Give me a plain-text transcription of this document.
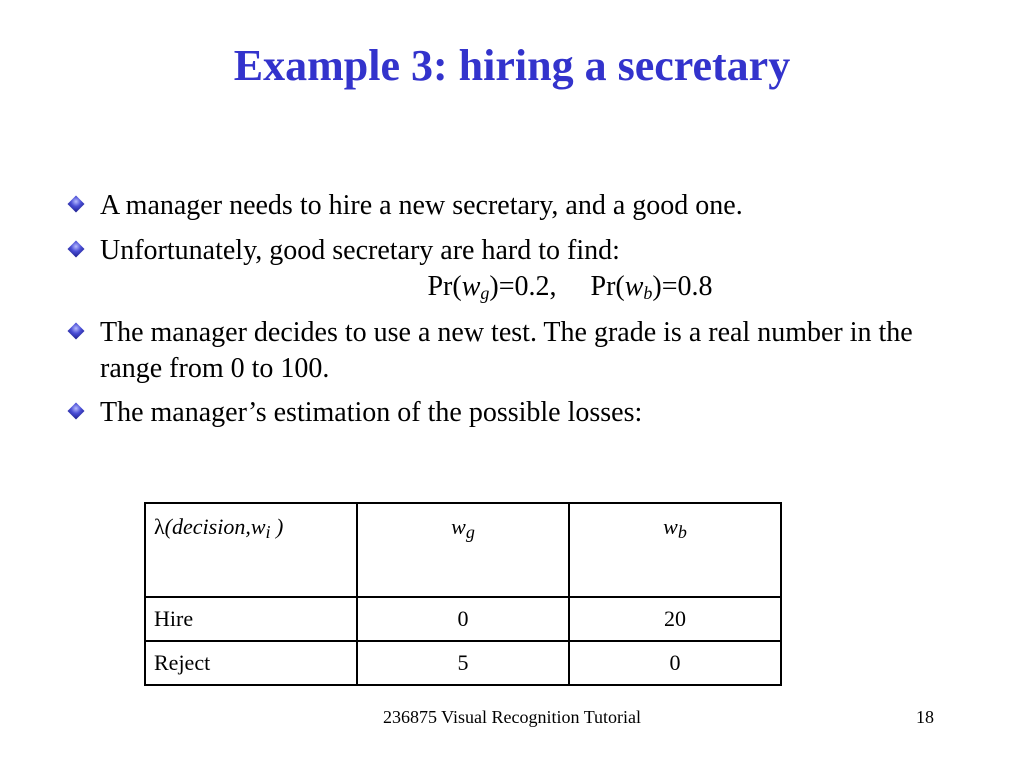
Example 3: hiring a secretary
A manager needs to hire a new secretary, and a good one.
Unfortunately, good secretary are hard to find:
$Pr(w_g)=0.2$, $Pr(w_b)=0.8$
The manager decides to use a new test. The grade is a real number in the range from 0 to 100.
The manager’s estimation of the possible losses:
$\lambda(decision,w_i$ )	$w_g$	$w_b$
Hire	0	20
Reject	5	0
236875 Visual Recognition Tutorial	18
